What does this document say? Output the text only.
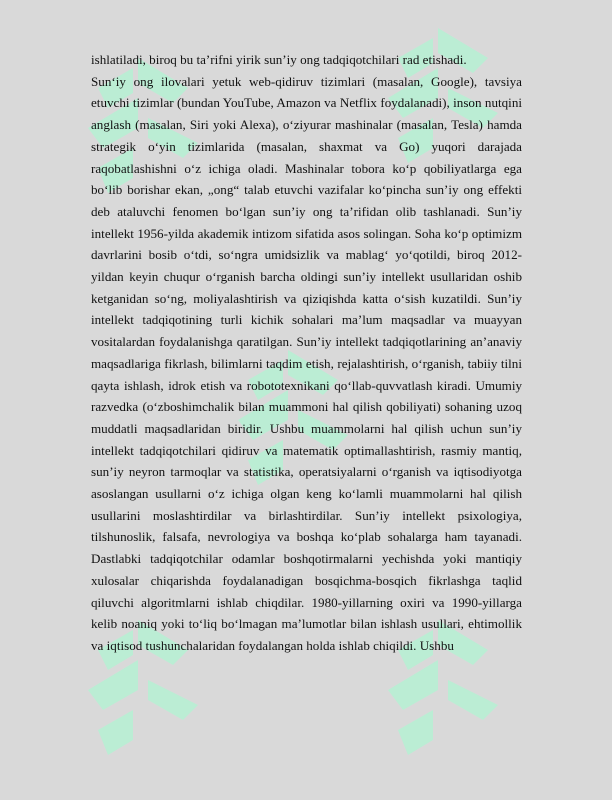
ishlatiladi, biroq bu ta’rifni yirik sun’iy ong tadqiqotchilari rad etishadi.

Sun‘iy ong ilovalari yetuk web-qidiruv tizimlari (masalan, Google), tavsiya etuvchi tizimlar (bundan YouTube, Amazon va Netflix foydalanadi), inson nutqini anglash (masalan, Siri yoki Alexa), o‘ziyurar mashinalar (masalan, Tesla) hamda strategik o‘yin tizimlarida (masalan, shaxmat va Go) yuqori darajada raqobatlashishni o‘z ichiga oladi. Mashinalar tobora ko‘p qobiliyatlarga ega bo‘lib borishar ekan, „ong“ talab etuvchi vazifalar ko‘pincha sun’iy ong effekti deb ataluvchi fenomen bo‘lgan sun’iy ong ta’rifidan olib tashlanadi. Sun’iy intellekt 1956-yilda akademik intizom sifatida asos solingan. Soha ko‘p optimizm davrlarini bosib o‘tdi, so‘ngra umidsizlik va mablag‘ yo‘qotildi, biroq 2012-yildan keyin chuqur o‘rganish barcha oldingi sun’iy intellekt usullaridan oshib ketganidan so‘ng, moliyalashtirish va qiziqishda katta o‘sish kuzatildi. Sun’iy intellekt tadqiqotining turli kichik sohalari ma’lum maqsadlar va muayyan vositalardan foydalanishga qaratilgan. Sun’iy intellekt tadqiqotlarining an’anaviy maqsadlariga fikrlash, bilimlarni taqdim etish, rejalashtirish, o‘rganish, tabiiy tilni qayta ishlash, idrok etish va robototexnikani qo‘llab-quvvatlash kiradi. Umumiy razvedka (o‘zboshimchalik bilan muammoni hal qilish qobiliyati) sohaning uzoq muddatli maqsadlaridan biridir. Ushbu muammolarni hal qilish uchun sun’iy intellekt tadqiqotchilari qidiruv va matematik optimallashtirish, rasmiy mantiq, sun’iy neyron tarmoqlar va statistika, operatsiyalarni o‘rganish va iqtisodiyotga asoslangan usullarni o‘z ichiga olgan keng ko‘lamli muammolarni hal qilish usullarini moslashtirdilar va birlashtirdilar. Sun’iy intellekt psixologiya, tilshunoslik, falsafa, nevrologiya va boshqa ko‘plab sohalarga ham tayanadi. Dastlabki tadqiqotchilar odamlar boshqotirmalarni yechishda yoki mantiqiy xulosalar chiqarishda foydalanadigan bosqichma-bosqich fikrlashga taqlid qiluvchi algoritmlarni ishlab chiqdilar. 1980-yillarning oxiri va 1990-yillarga kelib noaniq yoki to‘liq bo‘lmagan ma’lumotlar bilan ishlash usullari, ehtimollik va iqtisod tushunchalaridan foydalangan holda ishlab chiqildi. Ushbu
